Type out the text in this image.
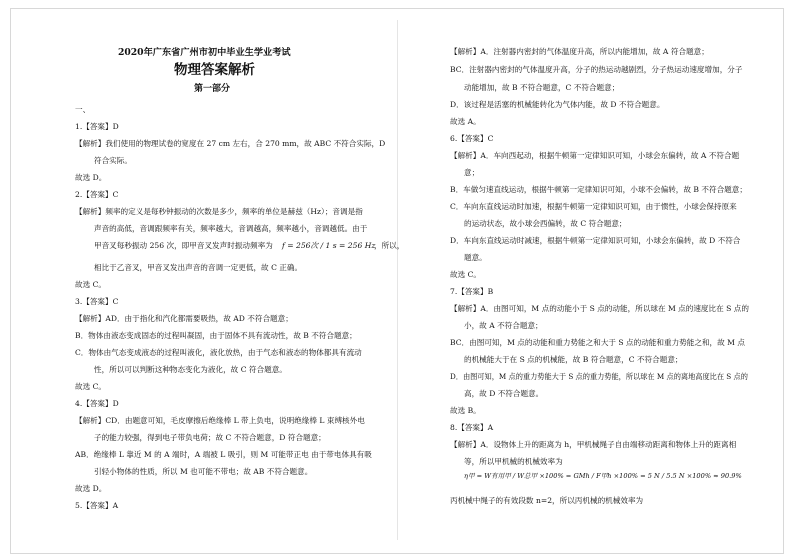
2020年广东省广州市初中毕业生学业考试
物理答案解析
第一部分
一、
1.【答案】D
【解析】我们使用的物理试卷的宽度在 27 cm 左右，合 270 mm，故 ABC 不符合实际，D
符合实际。
故选 D。
2.【答案】C
【解析】频率的定义是每秒钟振动的次数是多少，频率的单位是赫兹（Hz）；音调是指
声音的高低，音调跟频率有关，频率越大，音调越高，频率越小，音调越低。由于
甲音叉每秒振动 256 次，即甲音叉发声时振动频率为 f = 256次 / 1 s = 256 Hz
，所以，
相比于乙音叉，甲音叉发出声音的音调一定更低，故 C 正确。
故选 C。
3.【答案】C
【解析】AD．由于指化和汽化都需要吸热，故 AD 不符合题意；
B．物体由液态变成固态的过程叫凝固，由于固体不具有流动性，故 B 不符合题意；
C．物体由气态变成液态的过程叫液化，液化放热，由于气态和液态的物体都具有流动
性，所以可以判断这种物态变化为液化，故 C 符合题意。
故选 C。
4.【答案】D
【解析】CD．由题意可知，毛皮摩擦后绝缘棒 L 带上负电，说明绝缘棒 L 束缚核外电
子的能力较强，得到电子带负电荷；故 C 不符合题意，D 符合题意；
AB．绝缘棒 L 靠近 M 的 A 端时，A 端被 L 吸引，则 M 可能带正电 由于带电体具有吸
引轻小物体的性质，所以 M 也可能不带电；故 AB 不符合题意。
故选 D。
5.【答案】A
【解析】A．注射器内密封的气体温度升高，所以内能增加，故 A 符合题意；
BC．注射器内密封的气体温度升高，分子的热运动越剧烈，分子热运动速度增加，分子
动能增加，故 B 不符合题意，C 不符合题意；
D．该过程是活塞的机械能转化为气体内能，故 D 不符合题意。
故选 A。
6.【答案】C
【解析】A．车向西起动，根据牛顿第一定律知识可知，小球会东偏转，故 A 不符合题
意；
B．车做匀速直线运动，根据牛顿第一定律知识可知，小球不会偏转，故 B 不符合题意；
C．车向东直线运动时加速，根据牛顿第一定律知识可知，由于惯性，小球会保持原来
的运动状态，故小球会西偏转，故 C 符合题意；
D．车向东直线运动时减速，根据牛顿第一定律知识可知，小球会东偏转，故 D 不符合
题意。
故选 C。
7.【答案】B
【解析】A．由图可知，M 点的动能小于 S 点的动能，所以球在 M 点的速度比在 S 点的
小，故 A 不符合题意；
BC．由图可知，M 点的动能和重力势能之和大于 S 点的动能和重力势能之和，故 M 点
的机械能大于在 S 点的机械能，故 B 符合题意，C 不符合题意；
D．由图可知，M 点的重力势能大于 S 点的重力势能，所以球在 M 点的离地高度比在 S 点的
高，故 D 不符合题意。
故选 B。
8.【答案】A
【解析】A．设物体上升的距离为 h，甲机械绳子自由端移动距离和物体上升的距离相
等，所以甲机械的机械效率为
η甲 = W有用甲 / W总甲 ×100% = GMh / F甲h ×100% = 5 N / 5.5 N ×100% ≈ 90.9%
丙机械中绳子的有效段数 n=2，所以丙机械的机械效率为
